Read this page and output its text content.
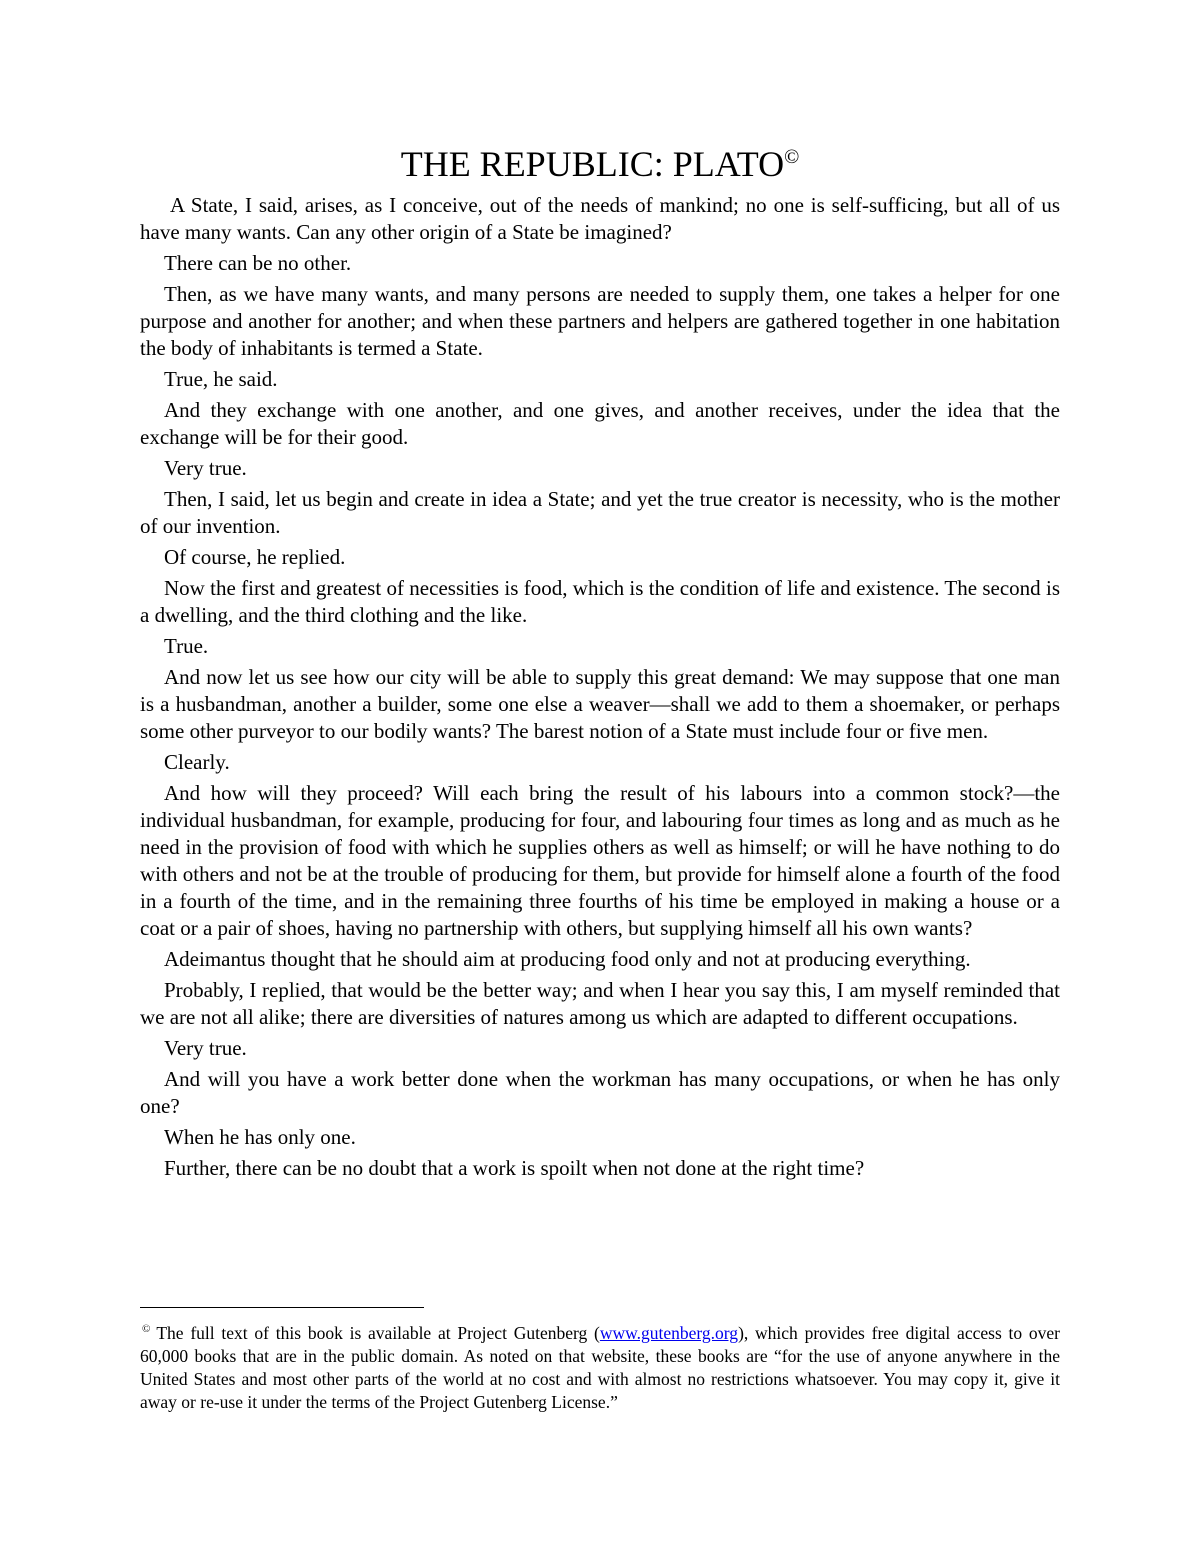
THE REPUBLIC: PLATO©

A State, I said, arises, as I conceive, out of the needs of mankind; no one is self-sufficing, but all of us have many wants. Can any other origin of a State be imagined?

There can be no other.

Then, as we have many wants, and many persons are needed to supply them, one takes a helper for one purpose and another for another; and when these partners and helpers are gathered together in one habitation the body of inhabitants is termed a State.

True, he said.

And they exchange with one another, and one gives, and another receives, under the idea that the exchange will be for their good.

Very true.

Then, I said, let us begin and create in idea a State; and yet the true creator is necessity, who is the mother of our invention.

Of course, he replied.

Now the first and greatest of necessities is food, which is the condition of life and existence. The second is a dwelling, and the third clothing and the like.

True.

And now let us see how our city will be able to supply this great demand: We may suppose that one man is a husbandman, another a builder, some one else a weaver—shall we add to them a shoemaker, or perhaps some other purveyor to our bodily wants? The barest notion of a State must include four or five men.

Clearly.

And how will they proceed? Will each bring the result of his labours into a common stock?—the individual husbandman, for example, producing for four, and labouring four times as long and as much as he need in the provision of food with which he supplies others as well as himself; or will he have nothing to do with others and not be at the trouble of producing for them, but provide for himself alone a fourth of the food in a fourth of the time, and in the remaining three fourths of his time be employed in making a house or a coat or a pair of shoes, having no partnership with others, but supplying himself all his own wants?

Adeimantus thought that he should aim at producing food only and not at producing everything.

Probably, I replied, that would be the better way; and when I hear you say this, I am myself reminded that we are not all alike; there are diversities of natures among us which are adapted to different occupations.

Very true.

And will you have a work better done when the workman has many occupations, or when he has only one?

When he has only one.

Further, there can be no doubt that a work is spoilt when not done at the right time?

© The full text of this book is available at Project Gutenberg (www.gutenberg.org), which provides free digital access to over 60,000 books that are in the public domain. As noted on that website, these books are “for the use of anyone anywhere in the United States and most other parts of the world at no cost and with almost no restrictions whatsoever. You may copy it, give it away or re-use it under the terms of the Project Gutenberg License.”
